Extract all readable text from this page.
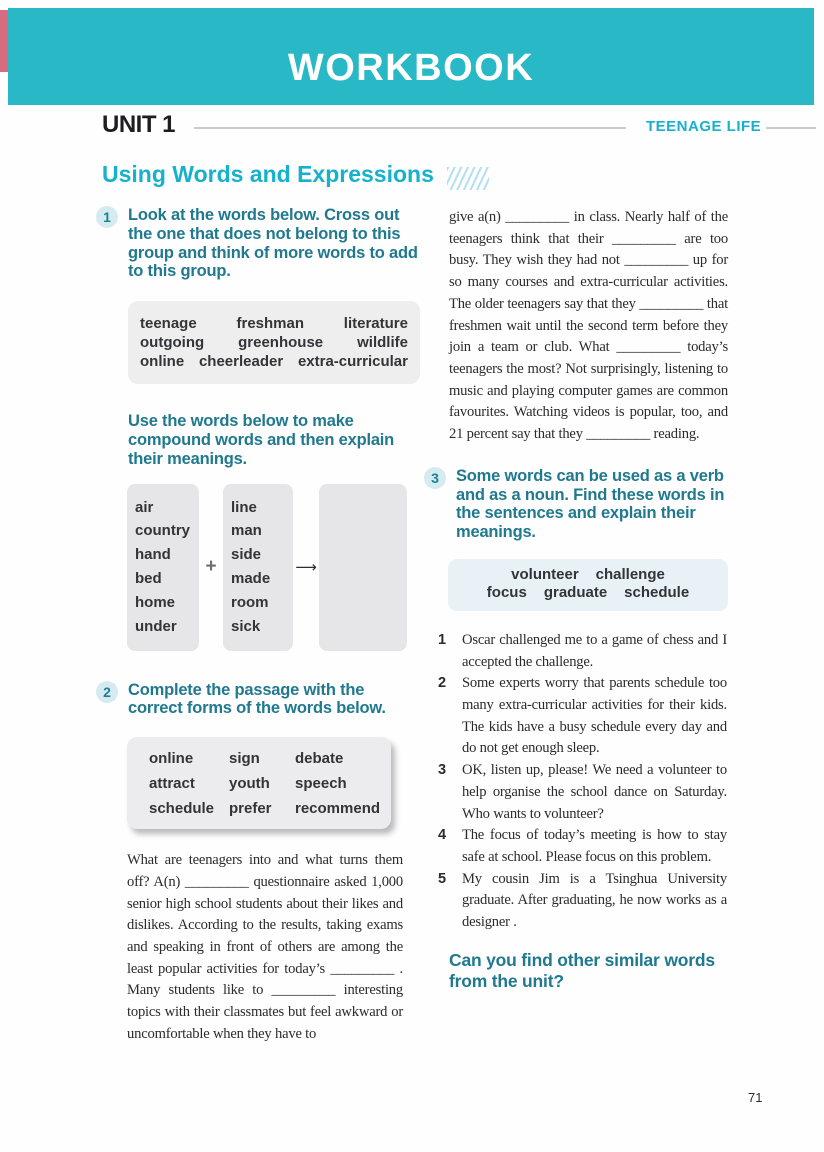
WORKBOOK
UNIT 1	TEENAGE LIFE
Using Words and Expressions
1	Look at the words below. Cross out the one that does not belong to this group and think of more words to add to this group.
teenage	freshman	literature
outgoing greenhouse wildlife
online cheerleader extra-curricular
Use the words below to make compound words and then explain their meanings.
air
country
hand
bed
home
under
+
line
man
side
made
room
sick
⟶
2	Complete the passage with the correct forms of the words below.
online	sign	debate
attract	youth	speech
schedule prefer	recommend
What are teenagers into and what turns them off? A(n) _________ questionnaire asked 1,000 senior high school students about their likes and dislikes. According to the results, taking exams and speaking in front of others are among the least popular activities for today’s _________ . Many students like to _________ interesting topics with their classmates but feel awkward or uncomfortable when they have to
give a(n) _________ in class. Nearly half of the teenagers think that their _________ are too busy. They wish they had not _________ up for so many courses and extra-curricular activities. The older teenagers say that they _________ that freshmen wait until the second term before they join a team or club. What _________ today’s teenagers the most? Not surprisingly, listening to music and playing computer games are common favourites. Watching videos is popular, too, and 21 percent say that they _________ reading.
3	Some words can be used as a verb and as a noun. Find these words in the sentences and explain their meanings.
volunteer challenge
focus graduate schedule
1	Oscar challenged me to a game of chess and I accepted the challenge.
2	Some experts worry that parents schedule too many extra-curricular activities for their kids. The kids have a busy schedule every day and do not get enough sleep.
3	OK, listen up, please! We need a volunteer to help organise the school dance on Saturday. Who wants to volunteer?
4	The focus of today’s meeting is how to stay safe at school. Please focus on this problem.
5	My cousin Jim is a Tsinghua University graduate. After graduating, he now works as a designer .
Can you find other similar words from the unit?
71
